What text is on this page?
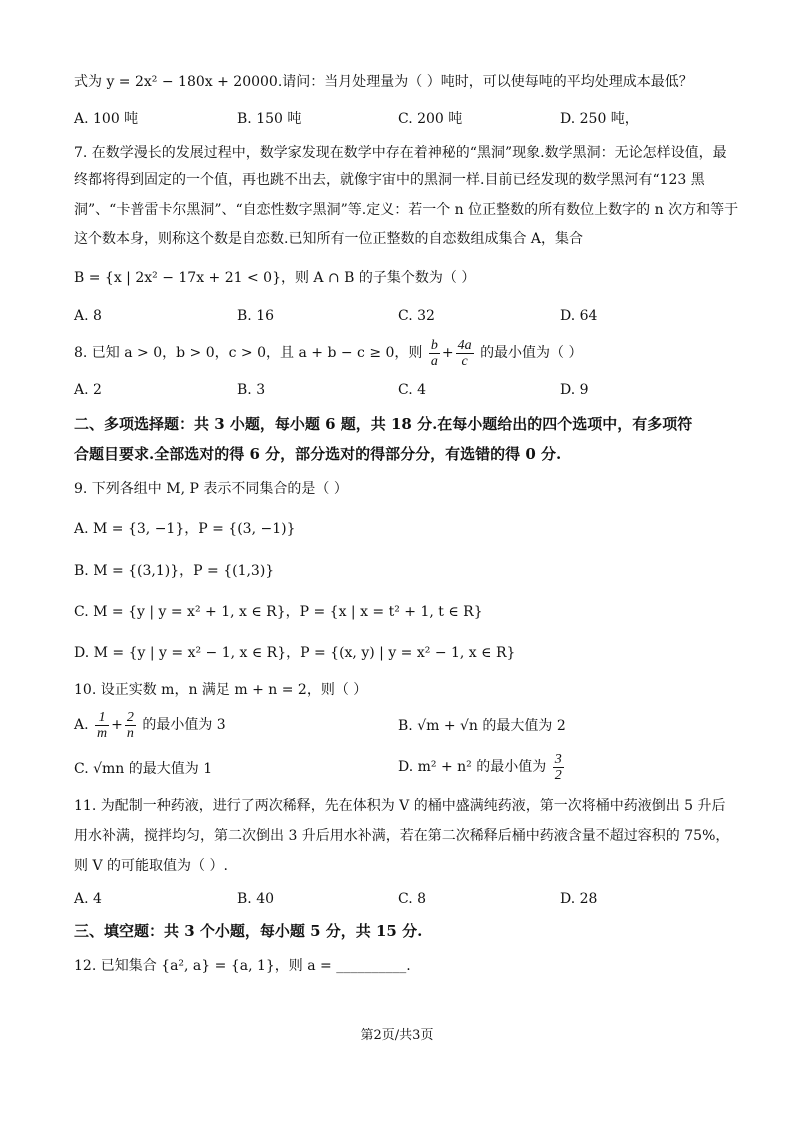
式为 y = 2x² − 180x + 20000.请问：当月处理量为（ ）吨时，可以使每吨的平均处理成本最低？
A. 100 吨	B. 150 吨	C. 200 吨	D. 250 吨，
7. 在数学漫长的发展过程中，数学家发现在数学中存在着神秘的“黑洞”现象.数学黑洞：无论怎样设值，最
终都将得到固定的一个值，再也跳不出去，就像宇宙中的黑洞一样.目前已经发现的数学黑河有“123 黑
洞”、“卡普雷卡尔黑洞”、“自恋性数字黑洞”等.定义：若一个 n 位正整数的所有数位上数字的 n 次方和等于
这个数本身，则称这个数是自恋数.已知所有一位正整数的自恋数组成集合 A，集合
B = {x | 2x² − 17x + 21 < 0}，则 A ∩ B 的子集个数为（ ）
A. 8	B. 16	C. 32	D. 64
8. 已知 a > 0，b > 0，c > 0，且 a + b − c ≥ 0，则 $\frac{b}{a} + \frac{4a}{c}$ 的最小值为（ ）
A. 2	B. 3	C. 4	D. 9
二、多项选择题：共 3 小题，每小题 6 题，共 18 分.在每小题给出的四个选项中，有多项符
合题目要求.全部选对的得 6 分，部分选对的得部分分，有选错的得 0 分.
9. 下列各组中 M, P 表示不同集合的是（ ）
A. M = {3, −1}，P = {(3, −1)}
B. M = {(3,1)}，P = {(1,3)}
C. M = {y | y = x² + 1, x ∈ R}，P = {x | x = t² + 1, t ∈ R}
D. M = {y | y = x² − 1, x ∈ R}，P = {(x, y) | y = x² − 1, x ∈ R}
10. 设正实数 m，n 满足 m + n = 2，则（ ）
A. $\frac{1}{m} + \frac{2}{n}$ 的最小值为 3	B. √m + √n 的最大值为 2
C. √mn 的最大值为 1	D. m² + n² 的最小值为 $\frac{3}{2}$
11. 为配制一种药液，进行了两次稀释，先在体积为 V 的桶中盛满纯药液，第一次将桶中药液倒出 5 升后
用水补满，搅拌均匀，第二次倒出 3 升后用水补满，若在第二次稀释后桶中药液含量不超过容积的 75%，
则 V 的可能取值为（ ）.
A. 4	B. 40	C. 8	D. 28
三、填空题：共 3 个小题，每小题 5 分，共 15 分.
12. 已知集合 {a², a} = {a, 1}，则 a = __________.
第2页/共3页
